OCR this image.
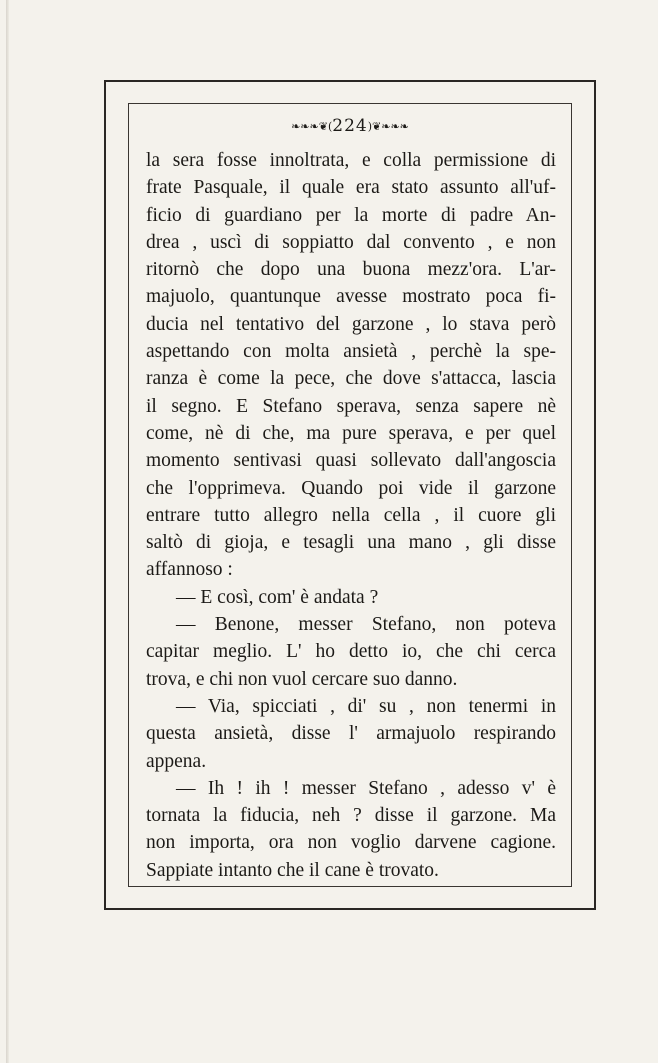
❧❧❧❦(224)❦❧❧❧
la sera fosse innoltrata, e colla permissione di
frate Pasquale, il quale era stato assunto all'uf-
ficio di guardiano per la morte di padre An-
drea , uscì di soppiatto dal convento , e non
ritornò che dopo una buona mezz'ora. L'ar-
majuolo, quantunque avesse mostrato poca fi-
ducia nel tentativo del garzone , lo stava però
aspettando con molta ansietà , perchè la spe-
ranza è come la pece, che dove s'attacca, lascia
il segno. E Stefano sperava, senza sapere nè
come, nè di che, ma pure sperava, e per quel
momento sentivasi quasi sollevato dall'angoscia
che l'opprimeva. Quando poi vide il garzone
entrare tutto allegro nella cella , il cuore gli
saltò di gioja, e tesagli una mano , gli disse
affannoso :
— E così, com' è andata ?
— Benone, messer Stefano, non poteva
capitar meglio. L' ho detto io, che chi cerca
trova, e chi non vuol cercare suo danno.
— Via, spicciati , di' su , non tenermi in
questa ansietà, disse l' armajuolo respirando
appena.
— Ih ! ih ! messer Stefano , adesso v' è
tornata la fiducia, neh ? disse il garzone. Ma
non importa, ora non voglio darvene cagione.
Sappiate intanto che il cane è trovato.
